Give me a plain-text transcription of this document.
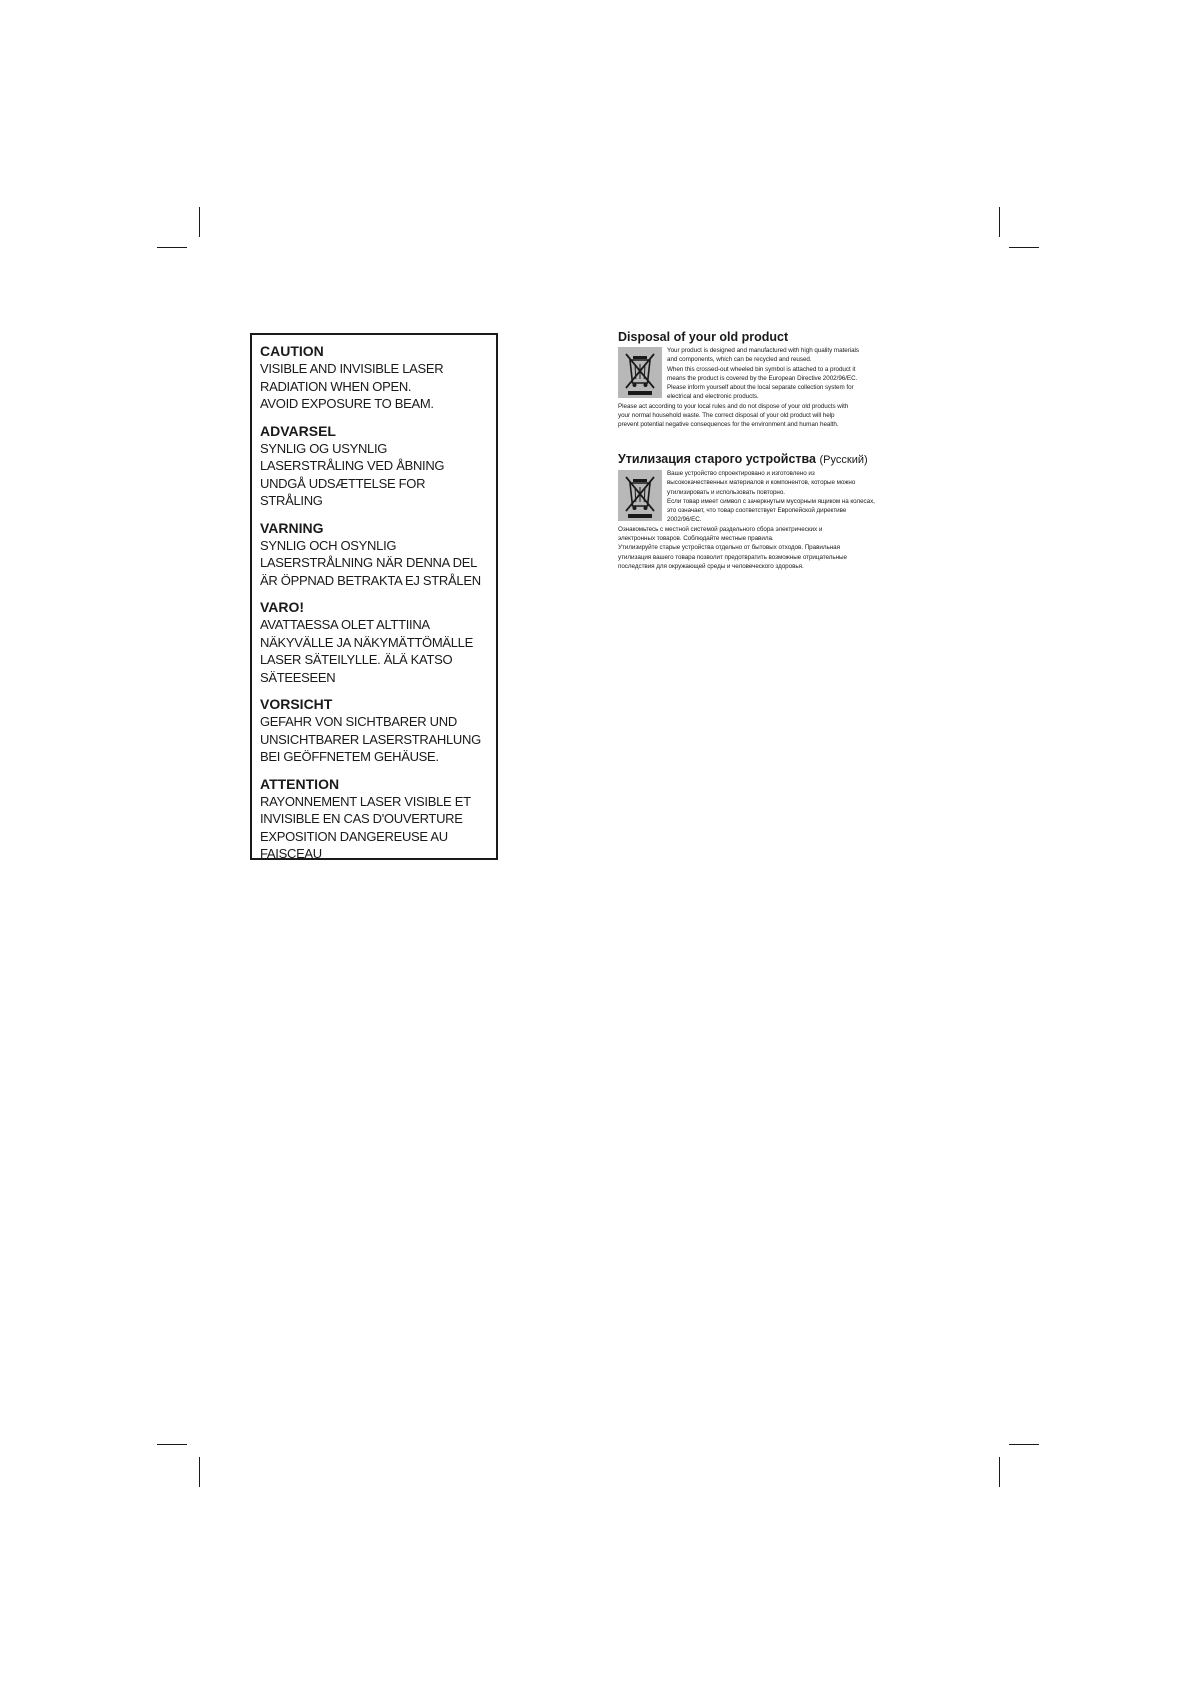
CAUTION

VISIBLE AND INVISIBLE LASER

RADIATION WHEN OPEN.

AVOID EXPOSURE TO BEAM.

ADVARSEL

SYNLIG OG USYNLIG

LASERSTRÅLING VED ÅBNING

UNDGÅ UDSÆTTELSE FOR

STRÅLING

VARNING

SYNLIG OCH OSYNLIG

LASERSTRÅLNING NÄR DENNA DEL

ÄR ÖPPNAD BETRAKTA EJ STRÅLEN

VARO!

AVATTAESSA OLET ALTTIINA

NÄKYVÄLLE JA NÄKYMÄTTÖMÄLLE

LASER SÄTEILYLLE. ÄLÄ KATSO

SÄTEESEEN

VORSICHT

GEFAHR VON SICHTBARER UND

UNSICHTBARER LASERSTRAHLUNG

BEI GEÖFFNETEM GEHÄUSE.

ATTENTION

RAYONNEMENT LASER VISIBLE ET

INVISIBLE EN CAS D'OUVERTURE

EXPOSITION DANGEREUSE AU

FAISCEAU

Disposal of your old product

Your product is designed and manufactured with high quality materials

and components, which can be recycled and reused.

When this crossed-out wheeled bin symbol is attached to a product it

means the product is covered by the European Directive 2002/96/EC.

Please inform yourself about the local separate collection system for

electrical and electronic products.

Please act according to your local rules and do not dispose of your old products with

your normal household waste. The correct disposal of your old product will help

prevent potential negative consequences for the environment and human health.

Утилизация старого устройства (Русский)

Ваше устройство спроектировано и изготовлено из

высококачественных материалов и компонентов, которые можно

утилизировать и использовать повторно.

Если товар имеет символ с зачеркнутым мусорным ящиком на колесах,

это означает, что товар соответствует Европейской директиве

2002/96/EC.

Ознакомьтесь с местной системой раздельного сбора электрических и

электронных товаров. Соблюдайте местные правила.

Утилизируйте старые устройства отдельно от бытовых отходов. Правильная

утилизация вашего товара позволит предотвратить возможные отрицательные

последствия для окружающей среды и человеческого здоровья.
